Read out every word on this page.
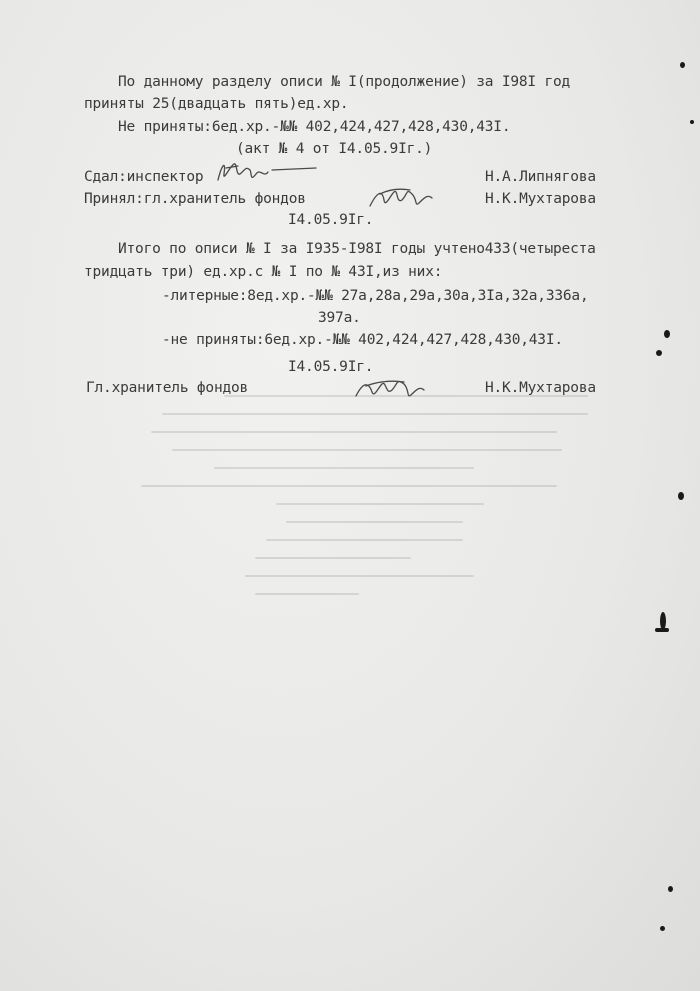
По данному разделу описи № I(продолжение) за I98I год
приняты 25(двадцать пять)ед.хр.
Не приняты:6ед.хр.-№№ 402,424,427,428,430,43I.
(акт № 4 от I4.05.9Iг.)
Сдал:инспектор	Н.А.Липнягова
Принял:гл.хранитель фондов	Н.К.Мухтарова
I4.05.9Iг.
Итого по описи № I за I935-I98I годы учтено433(четыреста
тридцать три) ед.хр.с № I по № 43I,из них:
-литерные:8ед.хр.-№№ 27а,28а,29а,30а,3Iа,32а,336а,
397а.
-не приняты:6ед.хр.-№№ 402,424,427,428,430,43I.
I4.05.9Iг.
Гл.хранитель фондов	Н.К.Мухтарова
